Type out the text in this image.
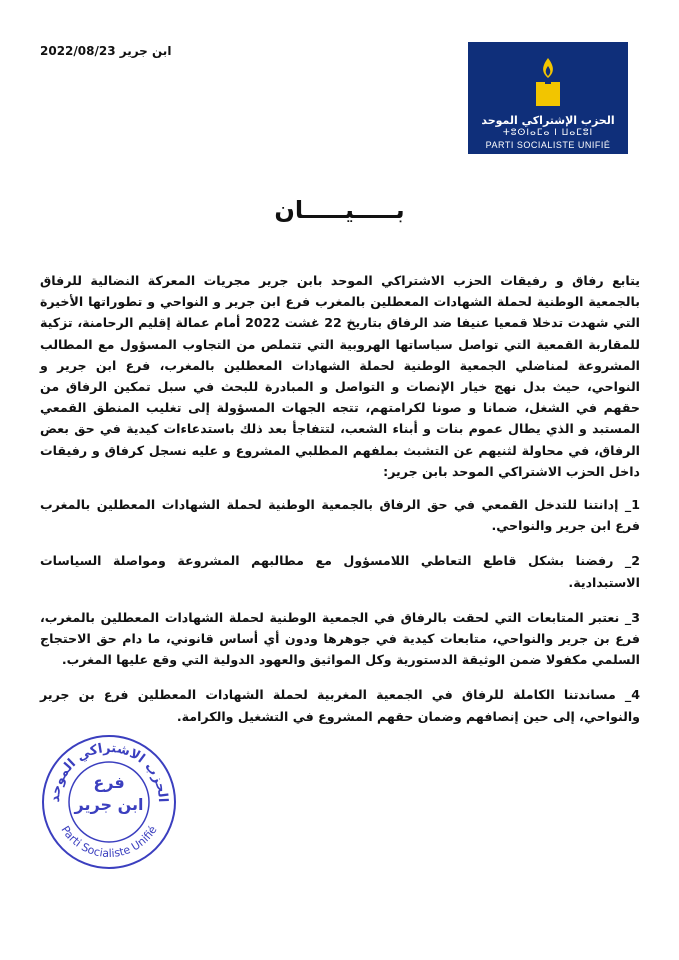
ابن جرير 2022/08/23
الحزب الإشتراكي الموحد
ⵜⵓⵙⵏⴰⵎⴰ ⵏ ⵡⴰⵎⵓⵏ
PARTI SOCIALISTE UNIFIÉ
بـــــيـــــان

يتابع رفاق و رفيقات الحزب الاشتراكي الموحد بابن جرير مجريات المعركة النضالية للرفاق بالجمعية الوطنية لحملة الشهادات المعطلين بالمغرب فرع ابن جرير و النواحي و تطوراتها الأخيرة التي شهدت تدخلا قمعيا عنيفا ضد الرفاق بتاريخ 22 غشت 2022 أمام عمالة إقليم الرحامنة، تزكية للمقاربة القمعية التي تواصل سياساتها الهروبية التي تتملص من التجاوب المسؤول مع المطالب المشروعة لمناضلي الجمعية الوطنية لحملة الشهادات المعطلين بالمغرب، فرع ابن جرير و النواحي، حيث بدل نهج خيار الإنصات و التواصل و المبادرة للبحث في سبل تمكين الرفاق من حقهم في الشغل، ضمانا و صونا لكرامتهم، تتجه الجهات المسؤولة إلى تغليب المنطق القمعي المستبد و الذي يطال عموم بنات و أبناء الشعب، لتتفاجأ بعد ذلك باستدعاءات كيدية في حق بعض الرفاق، في محاولة لثنيهم عن التشبث بملفهم المطلبي المشروع و عليه نسجل كرفاق و رفيقات داخل الحزب الاشتراكي الموحد بابن جرير:

1_ إدانتنا للتدخل القمعي في حق الرفاق بالجمعية الوطنية لحملة الشهادات المعطلين بالمغرب فرع ابن جرير والنواحي.

2_ رفضنا بشكل قاطع التعاطي اللامسؤول مع مطالبهم المشروعة ومواصلة السياسات الاستبدادية.

3_ نعتبر المتابعات التي لحقت بالرفاق في الجمعية الوطنية لحملة الشهادات المعطلين بالمغرب، فرع بن جرير والنواحي، متابعات كيدية في جوهرها ودون أي أساس قانوني، ما دام حق الاحتجاج السلمي مكفولا ضمن الوثيقة الدستورية وكل المواثيق والعهود الدولية التي وقع عليها المغرب.

4_ مساندتنا الكاملة للرفاق في الجمعية المغربية لحملة الشهادات المعطلين فرع بن جرير والنواحي، إلى حين إنصافهم وضمان حقهم المشروع في التشغيل والكرامة.

الحزب الاشتراكي الموحد
Parti Socialiste Unifié
فرع
ابن جرير
